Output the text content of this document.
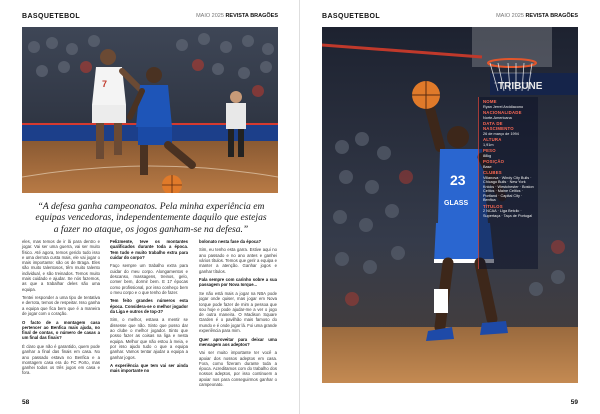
BASQUETEBOL	MAIO 2025 REVISTA BRAGÕES
7
“A defesa ganha campeonatos. Pela minha experiência em equipas vencedoras, independentemente daquilo que estejas a fazer no ataque, os jogos ganham-se na defesa.”

eles, mas temos de ir lá para dentro e jogar. Vai ser uma guerra, vai ser muito físico. Até agora, temos gerido tudo isso e uma derrota custa mais, ele vai jogar o mais importante: são os de Braga. Eles são muito talentosos, têm muito talento individual, e são treinados. Temos muito mais cuidado e ajudar. Se nós fazemos, as que a trabalhar deles são uma equipa.

Tentei responder a uma tipo de tentativa e derrota, temos de respeitar. Isso ganha a equipa que fica bem que é a maneira de jogar com o coração.

O facto de a montagem casa pertencer ao Benfica mais ajuda, no final de contas, o número de casas a um final das finais?

É claro que não é garantido, quem pode ganhar a final das finais em casa. No ano passado estava no Benfica e a montagem casa era do FC Porto, mas ganhei todos os três jogos em casa e fora.

Felizmente, teve os montantes qualificados durante toda a época. Tem tudo e muito trabalho extra para cuidar do corpo?

Faço sempre um trabalho extra para cuidar do meu corpo. Alongamentos e descanso, massagens, treinos, gelo, comer bem, dormir bem. E 17 épocas como profissional, por isso conheço bem o meu corpo e o que tenho de fazer.

Tem feito grandes números esta época. Considera-se o melhor jogador da Liga e outros de top-3?

Sim, o melhor, estava a mentir se dissesse que não. Sinto que posso dar ao clube o melhor jogador. Sinto que posso fazer as coisas na liga e nesta equipa. Melhor que não estou à meia, e por isso ajudo tudo o que a equipa ganhar. Vamos tentar ajudar a equipa a ganhar jogos.

A experiência que tem vai ser ainda mais importante no

bolonato nesta fase da época?

Sim, eu tenho esta garra. Estive aqui no ano passado e no ano antes e ganhei vários títulos. Temos que gerir a equipa e manter a atenção. Ganhar jogos e ganhar títulos.

Fala sempre com carinho sobre a sua passagem por Nova Iorque...

Se não está mais a jogar na NBA pode jogar onde quiser, mas jogar em Nova Iorque pode fazer de mim a pessoa que sou hoje e pode ajudar-me a ver o jogo de outra maneira. O Madison Square Garden é o pavilhão mais famoso do mundo e é onde jogar lá. Foi uma grande experiência para mim.

Quer aproveitar para deixar uma mensagem aos adeptos?

Vai ser muito importante ter você a apoiar dos nossos adeptos em casa. Fora, como fizeram durante toda a época. Acreditamos com do trabalho dos nossos adeptos, por isso continuem a apoiar nos para conseguirmos ganhar o campeonato.

58
BASQUETEBOL	MAIO 2025 REVISTA BRAGÕES
TRIBUNE
23
GLASS
NOME
Ryan Jerrel Arcidiacono
NACIONALIDADE
Norte-Americana
DATA DE NASCIMENTO
26 de março de 1994
ALTURA
1,91m
PESO
88kg
POSIÇÃO
Base
CLUBES
Villanova · Windy City Bulls · Chicago Bulls · New York Knicks · Westchester · Boston Celtics · Maine Celtics · Portland · Capital City · Benfica
TÍTULOS
2 NCAA · Liga Betclic · Supertaça · Taça de Portugal
59
